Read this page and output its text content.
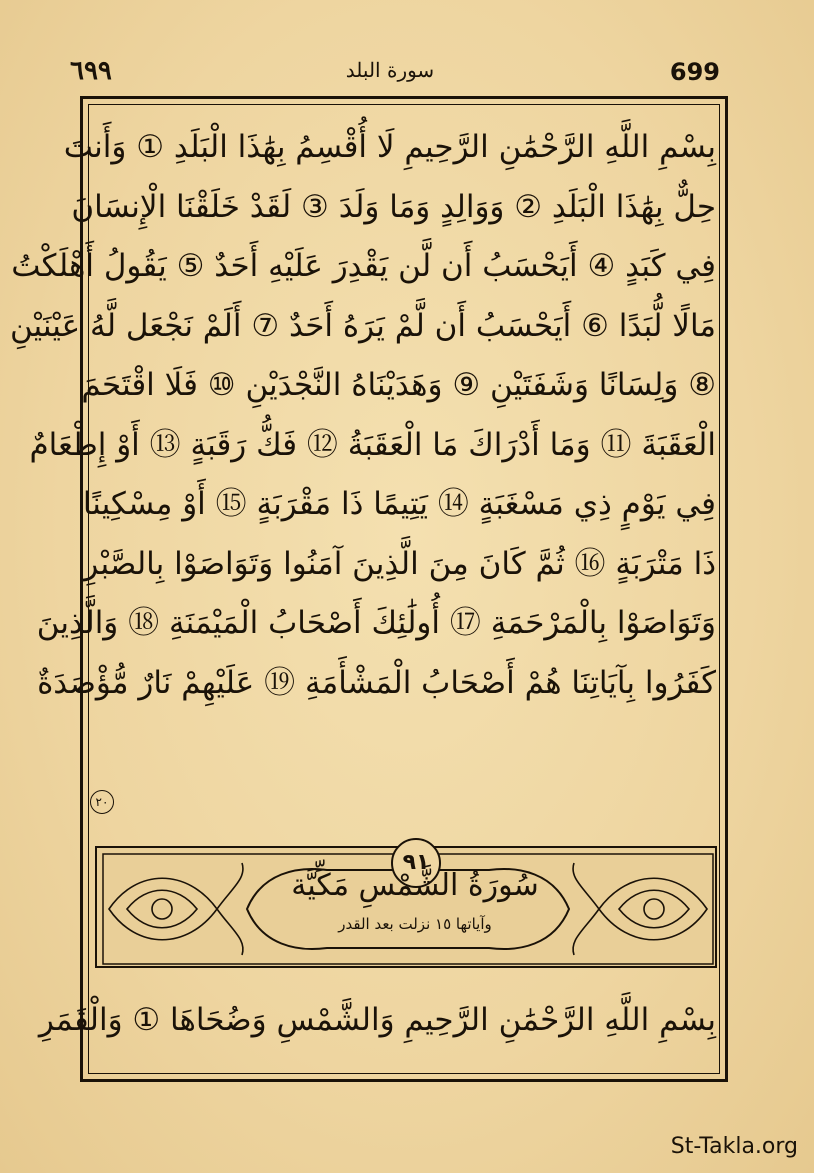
٦٩٩	سورة البلد	699
بِسْمِ اللَّهِ الرَّحْمَٰنِ الرَّحِيمِ لَا أُقْسِمُ بِهَٰذَا الْبَلَدِ ① وَأَنتَ
حِلٌّ بِهَٰذَا الْبَلَدِ ② وَوَالِدٍ وَمَا وَلَدَ ③ لَقَدْ خَلَقْنَا الْإِنسَانَ
فِي كَبَدٍ ④ أَيَحْسَبُ أَن لَّن يَقْدِرَ عَلَيْهِ أَحَدٌ ⑤ يَقُولُ أَهْلَكْتُ
مَالًا لُّبَدًا ⑥ أَيَحْسَبُ أَن لَّمْ يَرَهُ أَحَدٌ ⑦ أَلَمْ نَجْعَل لَّهُ عَيْنَيْنِ
⑧ وَلِسَانًا وَشَفَتَيْنِ ⑨ وَهَدَيْنَاهُ النَّجْدَيْنِ ⑩ فَلَا اقْتَحَمَ
الْعَقَبَةَ ⑪ وَمَا أَدْرَاكَ مَا الْعَقَبَةُ ⑫ فَكُّ رَقَبَةٍ ⑬ أَوْ إِطْعَامٌ
فِي يَوْمٍ ذِي مَسْغَبَةٍ ⑭ يَتِيمًا ذَا مَقْرَبَةٍ ⑮ أَوْ مِسْكِينًا
ذَا مَتْرَبَةٍ ⑯ ثُمَّ كَانَ مِنَ الَّذِينَ آمَنُوا وَتَوَاصَوْا بِالصَّبْرِ
وَتَوَاصَوْا بِالْمَرْحَمَةِ ⑰ أُولَٰئِكَ أَصْحَابُ الْمَيْمَنَةِ ⑱ وَالَّذِينَ
كَفَرُوا بِآيَاتِنَا هُمْ أَصْحَابُ الْمَشْأَمَةِ ⑲ عَلَيْهِمْ نَارٌ مُّؤْصَدَةٌ
٢٠
٩١
سُورَةُ الشَّمْسِ مَكِّيَّة
وآياتها ١٥ نزلت بعد القدر
بِسْمِ اللَّهِ الرَّحْمَٰنِ الرَّحِيمِ وَالشَّمْسِ وَضُحَاهَا ① وَالْقَمَرِ
St-Takla.org
